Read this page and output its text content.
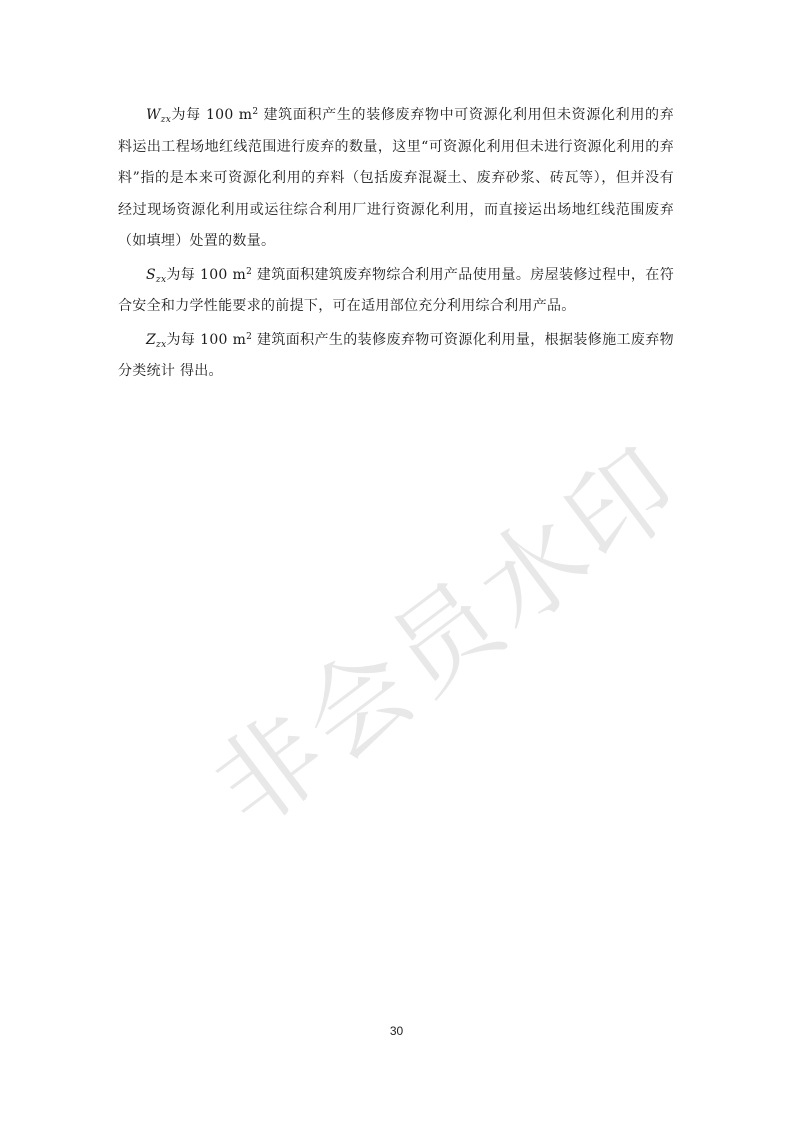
非会员水印

$W_{zx}$为每 100 $m^2$ 建筑面积产生的装修废弃物中可资源化利用但未资源化利用的弃料运出工程场地红线范围进行废弃的数量，这里“可资源化利用但未进行资源化利用的弃料”指的是本来可资源化利用的弃料（包括废弃混凝土、废弃砂浆、砖瓦等），但并没有经过现场资源化利用或运往综合利用厂进行资源化利用，而直接运出场地红线范围废弃（如填埋）处置的数量。

$S_{zx}$为每 100 $m^2$ 建筑面积建筑废弃物综合利用产品使用量。房屋装修过程中，在符合安全和力学性能要求的前提下，可在适用部位充分利用综合利用产品。

$Z_{zx}$为每 100 $m^2$ 建筑面积产生的装修废弃物可资源化利用量，根据装修施工废弃物分类统计 得出。

30
